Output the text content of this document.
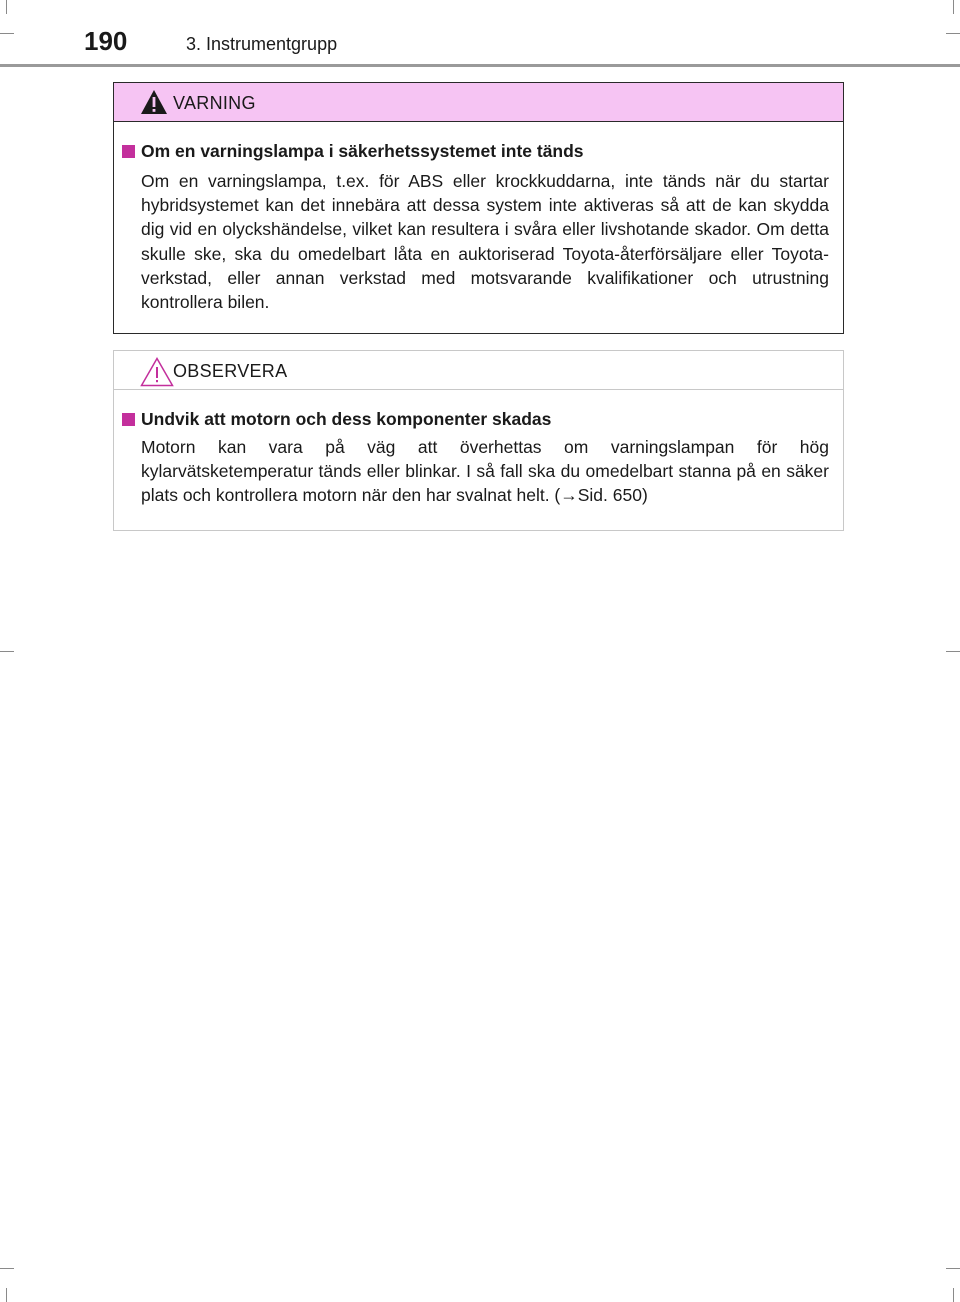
190	3. Instrumentgrupp
VARNING
Om en varningslampa i säkerhetssystemet inte tänds
Om en varningslampa, t.ex. för ABS eller krockkuddarna, inte tänds när du startar hybridsystemet kan det innebära att dessa system inte aktiveras så att de kan skydda dig vid en olyckshändelse, vilket kan resultera i svåra eller livshotande skador. Om detta skulle ske, ska du omedelbart låta en auktoriserad Toyota-återförsäljare eller Toyota-verkstad, eller annan verkstad med motsvarande kvalifikationer och utrustning kontrollera bilen.
OBSERVERA
Undvik att motorn och dess komponenter skadas
Motorn kan vara på väg att överhettas om varningslampan för hög kylarvätsketemperatur tänds eller blinkar. I så fall ska du omedelbart stanna på en säker plats och kontrollera motorn när den har svalnat helt. (→Sid. 650)
